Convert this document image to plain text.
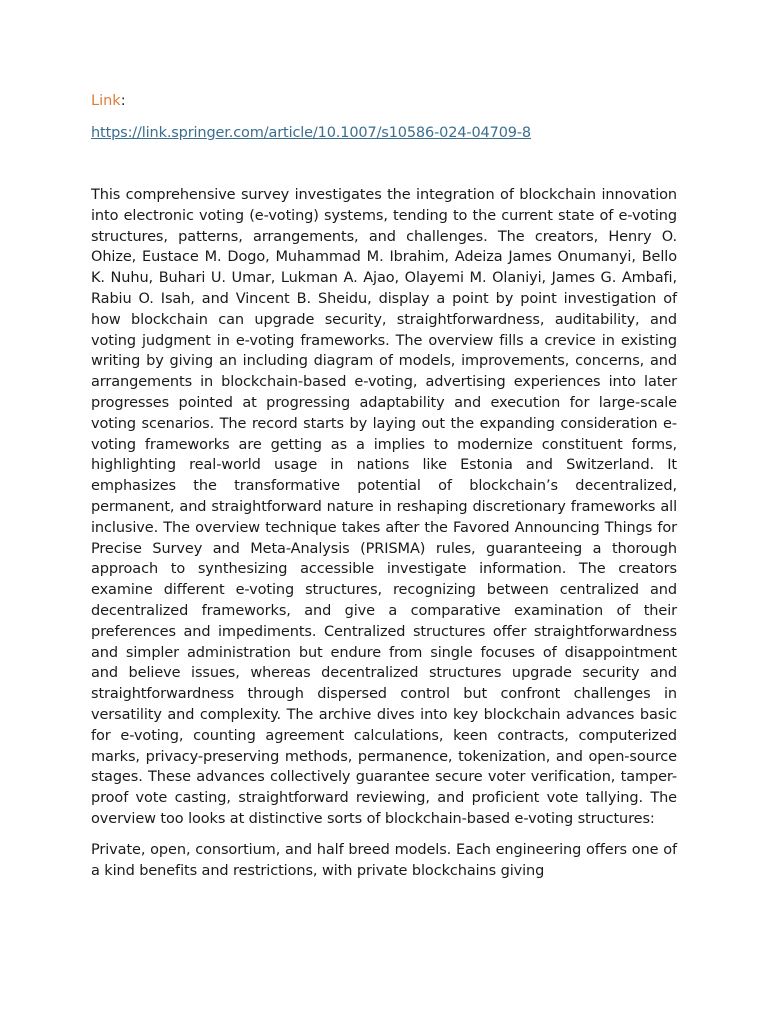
Link:

https://link.springer.com/article/10.1007/s10586-024-04709-8

This comprehensive survey investigates the integration of blockchain innovation into electronic voting (e-voting) systems, tending to the current state of e-voting structures, patterns, arrangements, and challenges. The creators, Henry O. Ohize, Eustace M. Dogo, Muhammad M. Ibrahim, Adeiza James Onumanyi, Bello K. Nuhu, Buhari U. Umar, Lukman A. Ajao, Olayemi M. Olaniyi, James G. Ambafi, Rabiu O. Isah, and Vincent B. Sheidu, display a point by point investigation of how blockchain can upgrade security, straightforwardness, auditability, and voting judgment in e-voting frameworks. The overview fills a crevice in existing writing by giving an including diagram of models, improvements, concerns, and arrangements in blockchain-based e-voting, advertising experiences into later progresses pointed at progressing adaptability and execution for large-scale voting scenarios. The record starts by laying out the expanding consideration e-voting frameworks are getting as a implies to modernize constituent forms, highlighting real-world usage in nations like Estonia and Switzerland. It emphasizes the transformative potential of blockchain’s decentralized, permanent, and straightforward nature in reshaping discretionary frameworks all inclusive. The overview technique takes after the Favored Announcing Things for Precise Survey and Meta-Analysis (PRISMA) rules, guaranteeing a thorough approach to synthesizing accessible investigate information. The creators examine different e-voting structures, recognizing between centralized and decentralized frameworks, and give a comparative examination of their preferences and impediments. Centralized structures offer straightforwardness and simpler administration but endure from single focuses of disappointment and believe issues, whereas decentralized structures upgrade security and straightforwardness through dispersed control but confront challenges in versatility and complexity. The archive dives into key blockchain advances basic for e-voting, counting agreement calculations, keen contracts, computerized marks, privacy-preserving methods, permanence, tokenization, and open-source stages. These advances collectively guarantee secure voter verification, tamper-proof vote casting, straightforward reviewing, and proficient vote tallying. The overview too looks at distinctive sorts of blockchain-based e-voting structures:

Private, open, consortium, and half breed models. Each engineering offers one of a kind benefits and restrictions, with private blockchains giving
